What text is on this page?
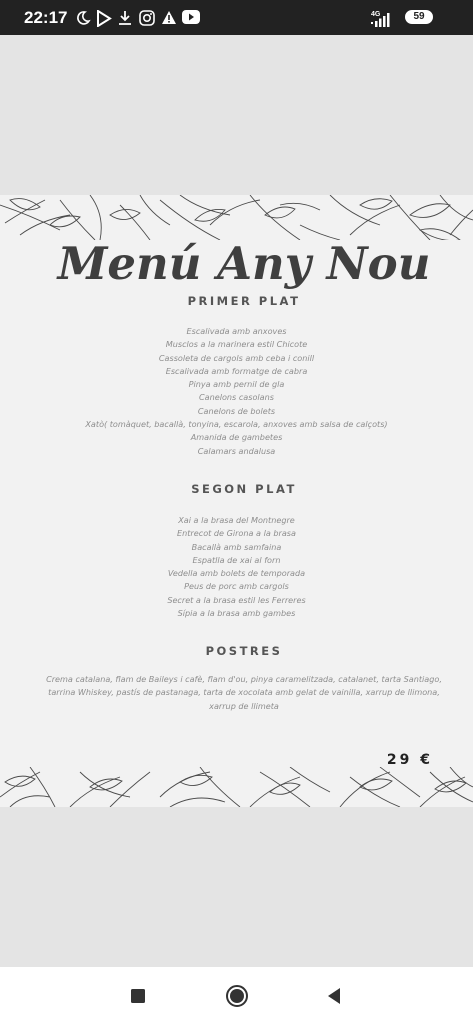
22:17	4G	59
Menú Any Nou
PRIMER PLAT
Escalivada amb anxoves
Musclos a la marinera estil Chicote
Cassoleta de cargols amb ceba i conill
Escalivada amb formatge de cabra
Pinya amb pernil de gla
Canelons casolans
Canelons de bolets
Xatò( tomàquet, bacallà, tonyina, escarola, anxoves amb salsa de calçots)
Amanida de gambetes
Calamars andalusa
SEGON PLAT
Xai a la brasa del Montnegre
Entrecot de Girona a la brasa
Bacallà amb samfaina
Espatlla de xai al forn
Vedella amb bolets de temporada
Peus de porc amb cargols
Secret a la brasa estil les Ferreres
Sípia a la brasa amb gambes
POSTRES

Crema catalana, flam de Baileys i cafè, flam d'ou, pinya caramelitzada, catalanet, tarta Santiago, tarrina Whiskey, pastís de pastanaga, tarta de xocolata amb gelat de vainilla, xarrup de llimona, xarrup de llimeta

29 €
